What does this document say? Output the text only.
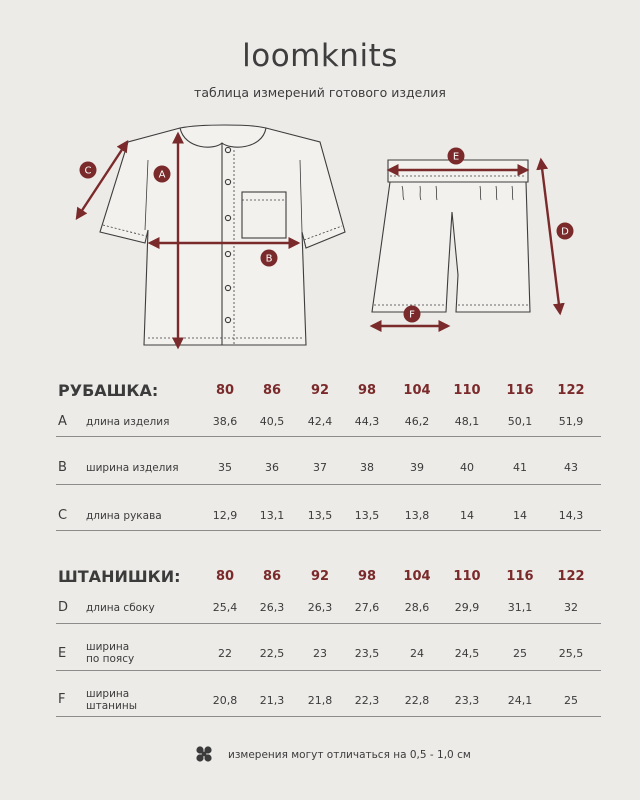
loomknits
таблица измерений готового изделия
A
B
C
D
E
F
РУБАШКА:	80	86	92	98	104	110	116	122
A длина изделия	38,6	40,5	42,4	44,3	46,2	48,1	50,1	51,9
B ширина изделия	35	36	37	38	39	40	41	43
C длина рукава	12,9	13,1	13,5	13,5	13,8	14	14	14,3
ШТАНИШКИ:	80	86	92	98	104	110	116	122
D длина сбоку	25,4	26,3	26,3	27,6	28,6	29,9	31,1	32
E ширина
по поясу	22	22,5	23	23,5	24	24,5	25	25,5
F ширина
штанины	20,8	21,3	21,8	22,3	22,8	23,3	24,1	25
измерения могут отличаться на 0,5 - 1,0 см
